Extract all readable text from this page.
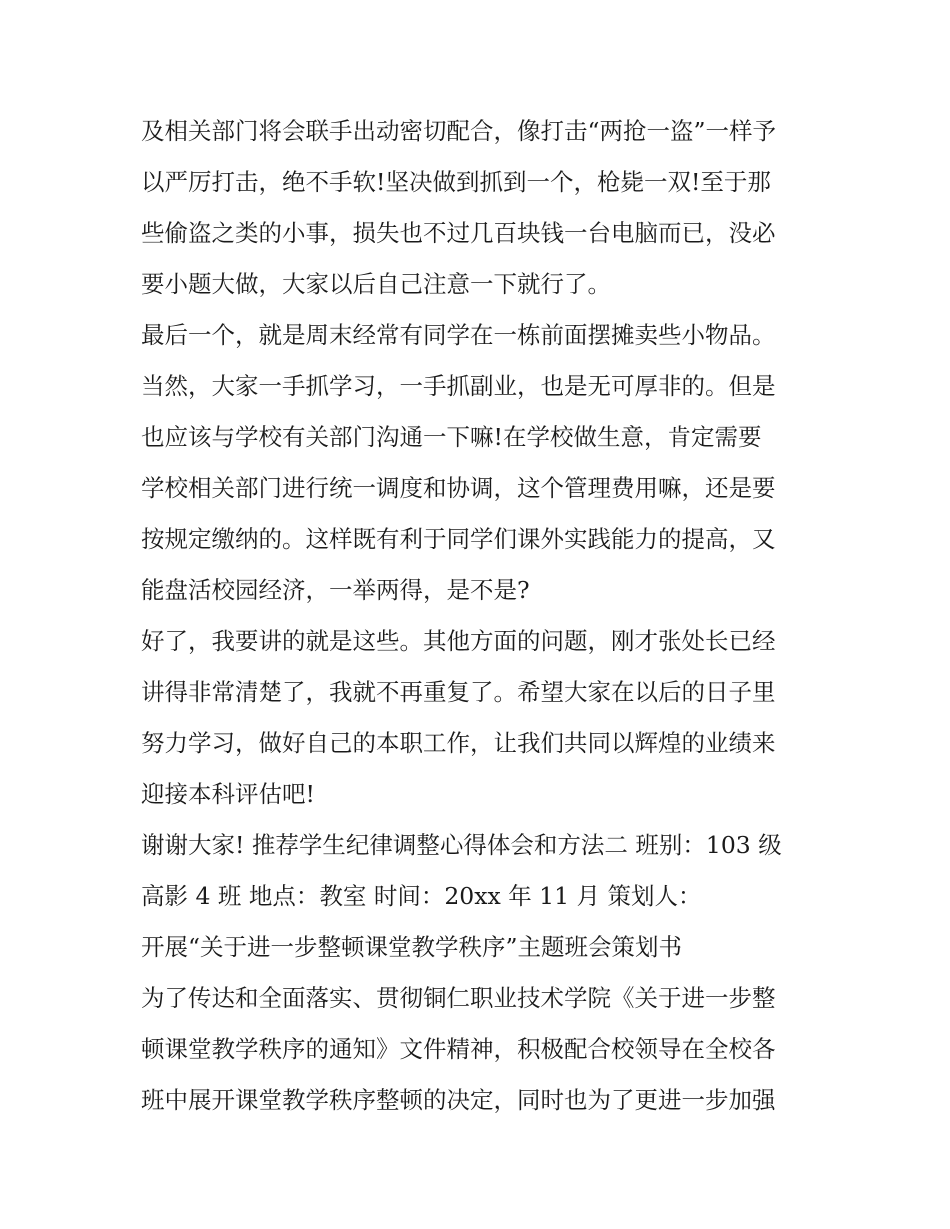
及相关部门将会联手出动密切配合，像打击“两抢一盗”一样予
以严厉打击，绝不手软!坚决做到抓到一个，枪毙一双!至于那
些偷盗之类的小事，损失也不过几百块钱一台电脑而已，没必
要小题大做，大家以后自己注意一下就行了。
最后一个，就是周末经常有同学在一栋前面摆摊卖些小物品。
当然，大家一手抓学习，一手抓副业，也是无可厚非的。但是
也应该与学校有关部门沟通一下嘛!在学校做生意，肯定需要
学校相关部门进行统一调度和协调，这个管理费用嘛，还是要
按规定缴纳的。这样既有利于同学们课外实践能力的提高，又
能盘活校园经济，一举两得，是不是?
好了，我要讲的就是这些。其他方面的问题，刚才张处长已经
讲得非常清楚了，我就不再重复了。希望大家在以后的日子里
努力学习，做好自己的本职工作，让我们共同以辉煌的业绩来
迎接本科评估吧!
谢谢大家! 推荐学生纪律调整心得体会和方法二 班别：103 级
高影 4 班 地点：教室 时间：20xx 年 11 月 策划人：
开展“关于进一步整顿课堂教学秩序”主题班会策划书
为了传达和全面落实、贯彻铜仁职业技术学院《关于进一步整
顿课堂教学秩序的通知》文件精神，积极配合校领导在全校各
班中展开课堂教学秩序整顿的决定，同时也为了更进一步加强
